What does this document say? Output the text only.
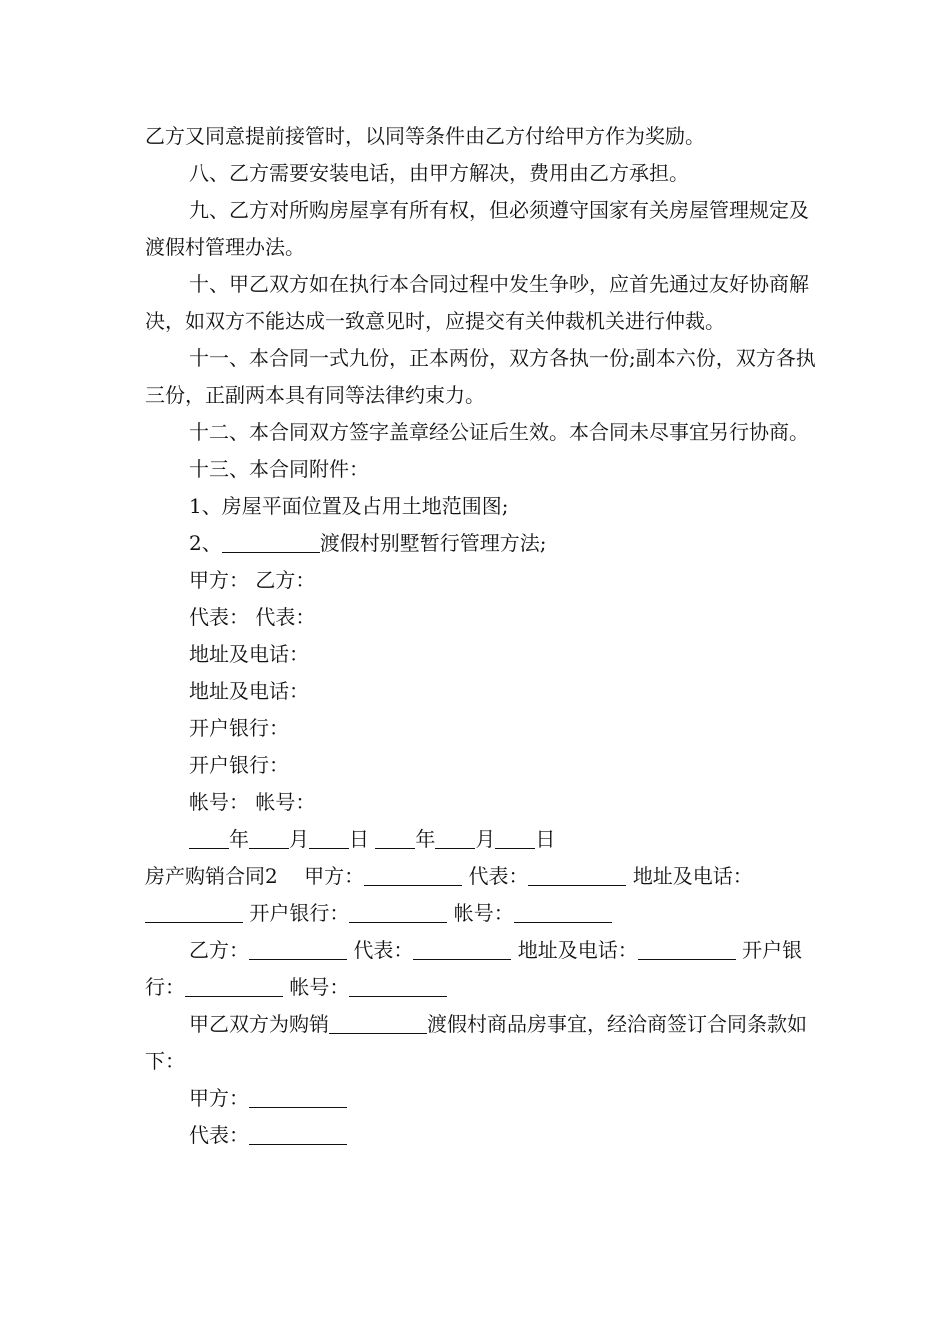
乙方又同意提前接管时，以同等条件由乙方付给甲方作为奖励。

八、乙方需要安装电话，由甲方解决，费用由乙方承担。

九、乙方对所购房屋享有所有权，但必须遵守国家有关房屋管理规定及渡假村管理办法。

十、甲乙双方如在执行本合同过程中发生争吵，应首先通过友好协商解决，如双方不能达成一致意见时，应提交有关仲裁机关进行仲裁。

十一、本合同一式九份，正本两份，双方各执一份;副本六份，双方各执三份，正副两本具有同等法律约束力。

十二、本合同双方签字盖章经公证后生效。本合同未尽事宜另行协商。

十三、本合同附件：

1、房屋平面位置及占用土地范围图;

2、	渡假村别墅暂行管理方法;

甲方： 乙方：

代表： 代表：

地址及电话：

地址及电话：

开户银行：

开户银行：

帐号： 帐号：

年 月 日 年 月 日

房产购销合同2　 甲方：	代表：	地址及电话： 开户银行：	帐号：

乙方：	代表：	地址及电话：	开户银行：	帐号：

甲乙双方为购销	渡假村商品房事宜，经洽商签订合同条款如下：

甲方：

代表：
